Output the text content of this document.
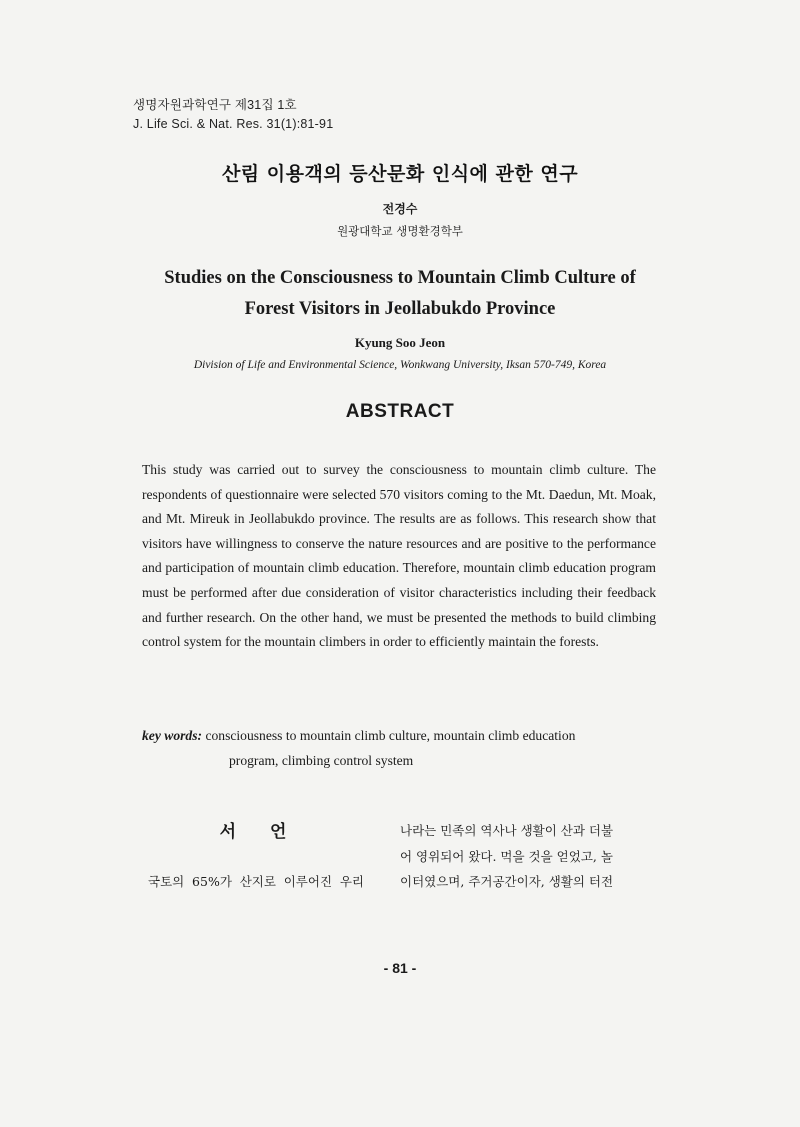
생명자원과학연구 제31집 1호
J. Life Sci. & Nat. Res. 31(1):81-91
산림 이용객의 등산문화 인식에 관한 연구
전경수
원광대학교 생명환경학부
Studies on the Consciousness to Mountain Climb Culture of
Forest Visitors in Jeollabukdo Province
Kyung Soo Jeon
Division of Life and Environmental Science, Wonkwang University, Iksan 570-749, Korea
ABSTRACT
This study was carried out to survey the consciousness to mountain climb culture. The respondents of questionnaire were selected 570 visitors coming to the Mt. Daedun, Mt. Moak, and Mt. Mireuk in Jeollabukdo province. The results are as follows. This research show that visitors have willingness to conserve the nature resources and are positive to the performance and participation of mountain climb education. Therefore, mountain climb education program must be performed after due consideration of visitor characteristics including their feedback and further research. On the other hand, we must be presented the methods to build climbing control system for the mountain climbers in order to efficiently maintain the forests.
key words: consciousness to mountain climb culture, mountain climb education
program, climbing control system
서 언
국토의 65%가 산지로 이루어진 우리
나라는 민족의 역사나 생활이 산과 더불
어 영위되어 왔다. 먹을 것을 얻었고, 놀
이터였으며, 주거공간이자, 생활의 터전
- 81 -
